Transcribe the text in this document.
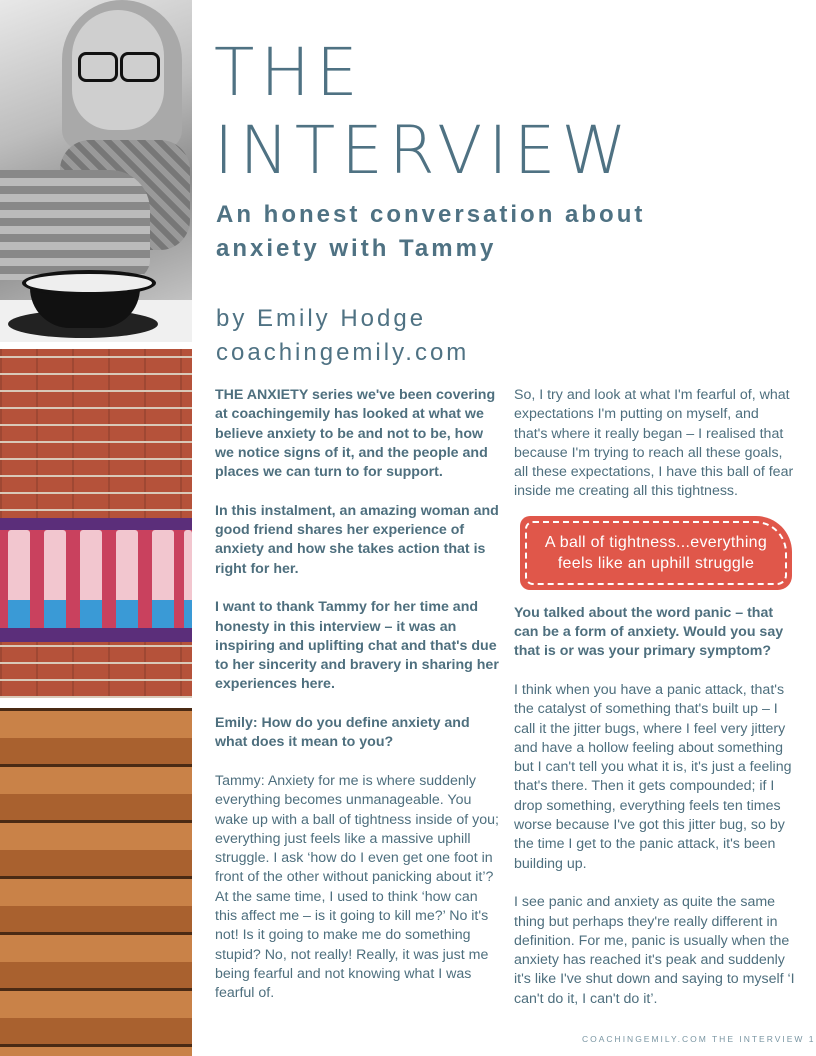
THE
INTERVIEW
An honest conversation about anxiety with Tammy
by Emily Hodge
coachingemily.com

THE ANXIETY series we've been covering at coachingemily has looked at what we believe anxiety to be and not to be, how we notice signs of it, and the people and places we can turn to for support.

In this instalment, an amazing woman and good friend shares her experience of anxiety and how she takes action that is right for her.

I want to thank Tammy for her time and honesty in this interview – it was an inspiring and uplifting chat and that's due to her sincerity and bravery in sharing her experiences here.

Emily: How do you define anxiety and what does it mean to you?

Tammy: Anxiety for me is where suddenly everything becomes unmanageable. You wake up with a ball of tightness inside of you; everything just feels like a massive uphill struggle. I ask ‘how do I even get one foot in front of the other without panicking about it’? At the same time, I used to think ‘how can this affect me – is it going to kill me?’ No it's not! Is it going to make me do something stupid? No, not really! Really, it was just me being fearful and not knowing what I was fearful of.

So, I try and look at what I'm fearful of, what expectations I'm putting on myself, and that's where it really began – I realised that because I'm trying to reach all these goals, all these expectations, I have this ball of fear inside me creating all this tightness.

A ball of tightness...everything feels like an uphill struggle

You talked about the word panic – that can be a form of anxiety. Would you say that is or was your primary symptom?

I think when you have a panic attack, that's the catalyst of something that's built up – I call it the jitter bugs, where I feel very jittery and have a hollow feeling about something but I can't tell you what it is, it's just a feeling that's there. Then it gets compounded; if I drop something, everything feels ten times worse because I've got this jitter bug, so by the time I get to the panic attack, it's been building up.

I see panic and anxiety as quite the same thing but perhaps they're really different in definition. For me, panic is usually when the anxiety has reached it's peak and suddenly it's like I've shut down and saying to myself ‘I can't do it, I can't do it’.

COACHINGEMILY.COM THE INTERVIEW 1
